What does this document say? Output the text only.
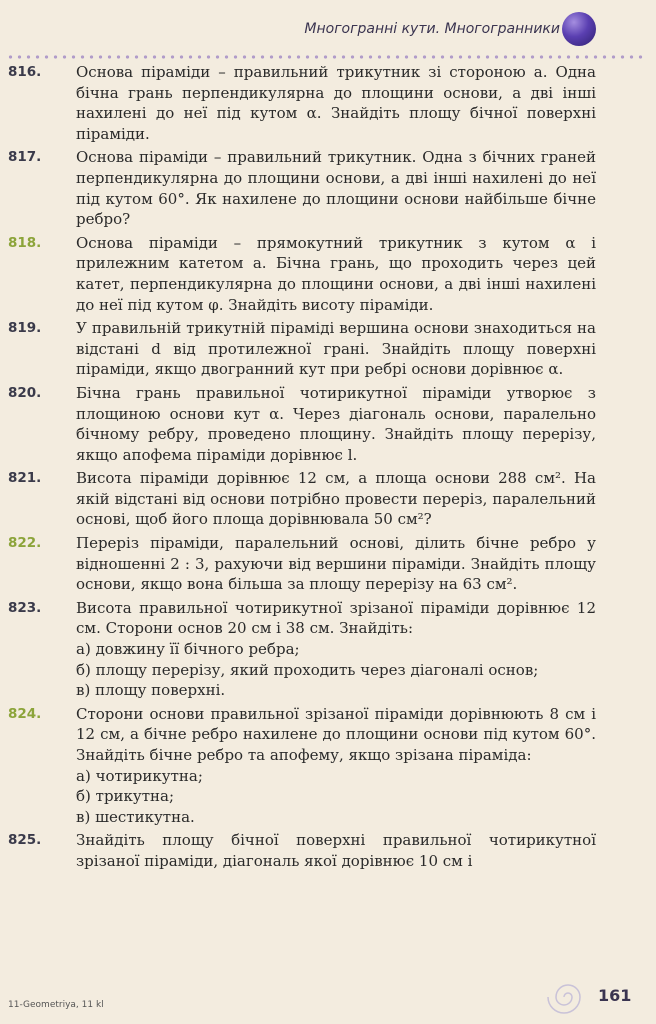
Многогранні кути. Многогранники
816. Основа піраміди – правильний трикутник зі стороною a. Одна бічна грань перпендикулярна до площини основи, а дві інші нахилені до неї під кутом α. Знайдіть площу бічної поверхні піраміди.
817. Основа піраміди – правильний трикутник. Одна з бічних граней перпендикулярна до площини основи, а дві інші нахилені до неї під кутом 60°. Як нахилене до площини основи найбільше бічне ребро?
818. Основа піраміди – прямокутний трикутник з кутом α і прилежним катетом a. Бічна грань, що проходить через цей катет, перпендикулярна до площини основи, а дві інші нахилені до неї під кутом φ. Знайдіть висоту піраміди.
819. У правильній трикутній піраміді вершина основи знаходиться на відстані d від протилежної грані. Знайдіть площу поверхні піраміди, якщо двогранний кут при ребрі основи дорівнює α.
820. Бічна грань правильної чотирикутної піраміди утворює з площиною основи кут α. Через діагональ основи, паралельно бічному ребру, проведено площину. Знайдіть площу перерізу, якщо апофема піраміди дорівнює l.
821. Висота піраміди дорівнює 12 см, а площа основи 288 см². На якій відстані від основи потрібно провести переріз, паралельний основі, щоб його площа дорівнювала 50 см²?
822. Переріз піраміди, паралельний основі, ділить бічне ребро у відношенні 2 : 3, рахуючи від вершини піраміди. Знайдіть площу основи, якщо вона більша за площу перерізу на 63 см².
823. Висота правильної чотирикутної зрізаної піраміди дорівнює 12 см. Сторони основ 20 см і 38 см. Знайдіть:
а) довжину її бічного ребра;
б) площу перерізу, який проходить через діагоналі основ;
в) площу поверхні.
824. Сторони основи правильної зрізаної піраміди дорівнюють 8 см і 12 см, а бічне ребро нахилене до площини основи під кутом 60°. Знайдіть бічне ребро та апофему, якщо зрізана піраміда:
а) чотирикутна;
б) трикутна;
в) шестикутна.
825. Знайдіть площу бічної поверхні правильної чотирикутної зрізаної піраміди, діагональ якої дорівнює 10 см і
11-Geometriya, 11 kl	161
